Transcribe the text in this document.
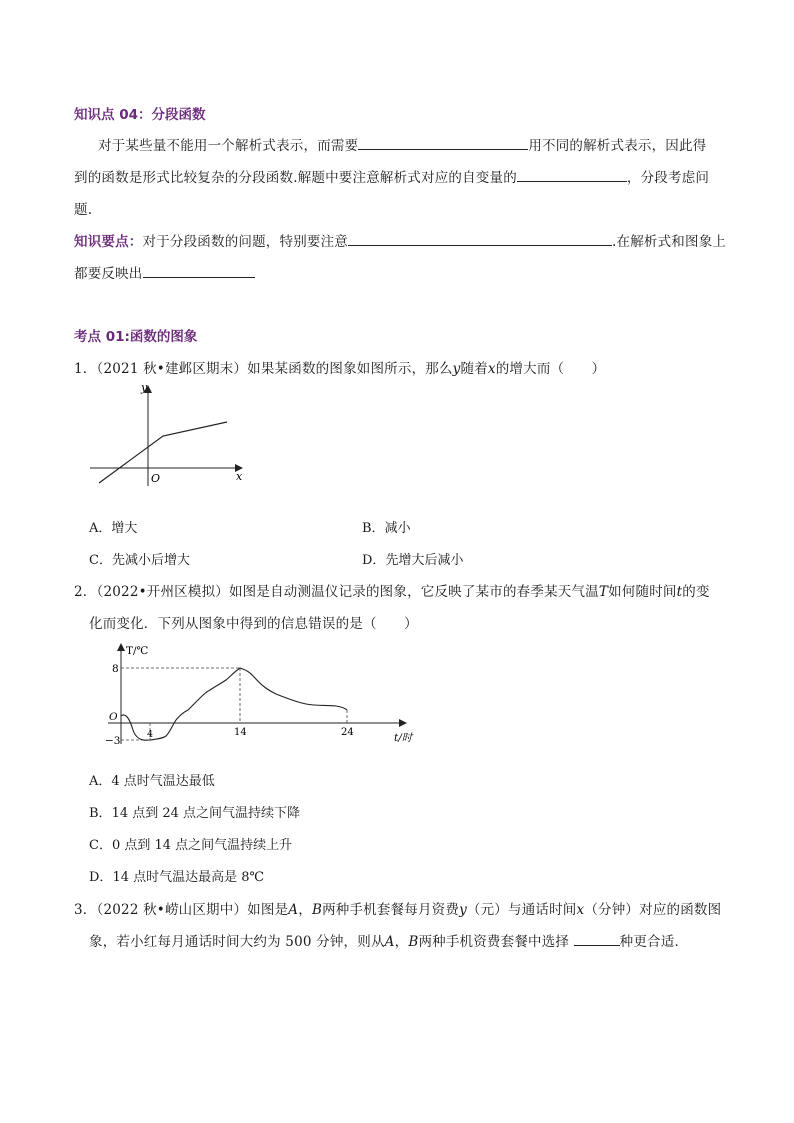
知识点 04：分段函数
对于某些量不能用一个解析式表示，而需要	用不同的解析式表示，因此得
到的函数是形式比较复杂的分段函数.解题中要注意解析式对应的自变量的	，分段考虑问
题.
知识要点：对于分段函数的问题，特别要注意	.在解析式和图象上
都要反映出
考点 01:函数的图象
1．（2021 秋•建邺区期末）如果某函数的图象如图所示，那么y随着x的增大而（　　）
y
x
O
A．增大	B．减小
C．先减小后增大	D．先增大后减小
2．（2022•开州区模拟）如图是自动测温仪记录的图象，它反映了某市的春季某天气温T如何随时间t的变
化而变化．下列从图象中得到的信息错误的是（　　）
T/℃
t/时
O
8
−3
4	14	24
A．4 点时气温达最低
B．14 点到 24 点之间气温持续下降
C．0 点到 14 点之间气温持续上升
D．14 点时气温达最高是 8℃
3．（2022 秋•崂山区期中）如图是A，B两种手机套餐每月资费y（元）与通话时间x（分钟）对应的函数图
象，若小红每月通话时间大约为 500 分钟，则从A，B两种手机资费套餐中选择	种更合适．
